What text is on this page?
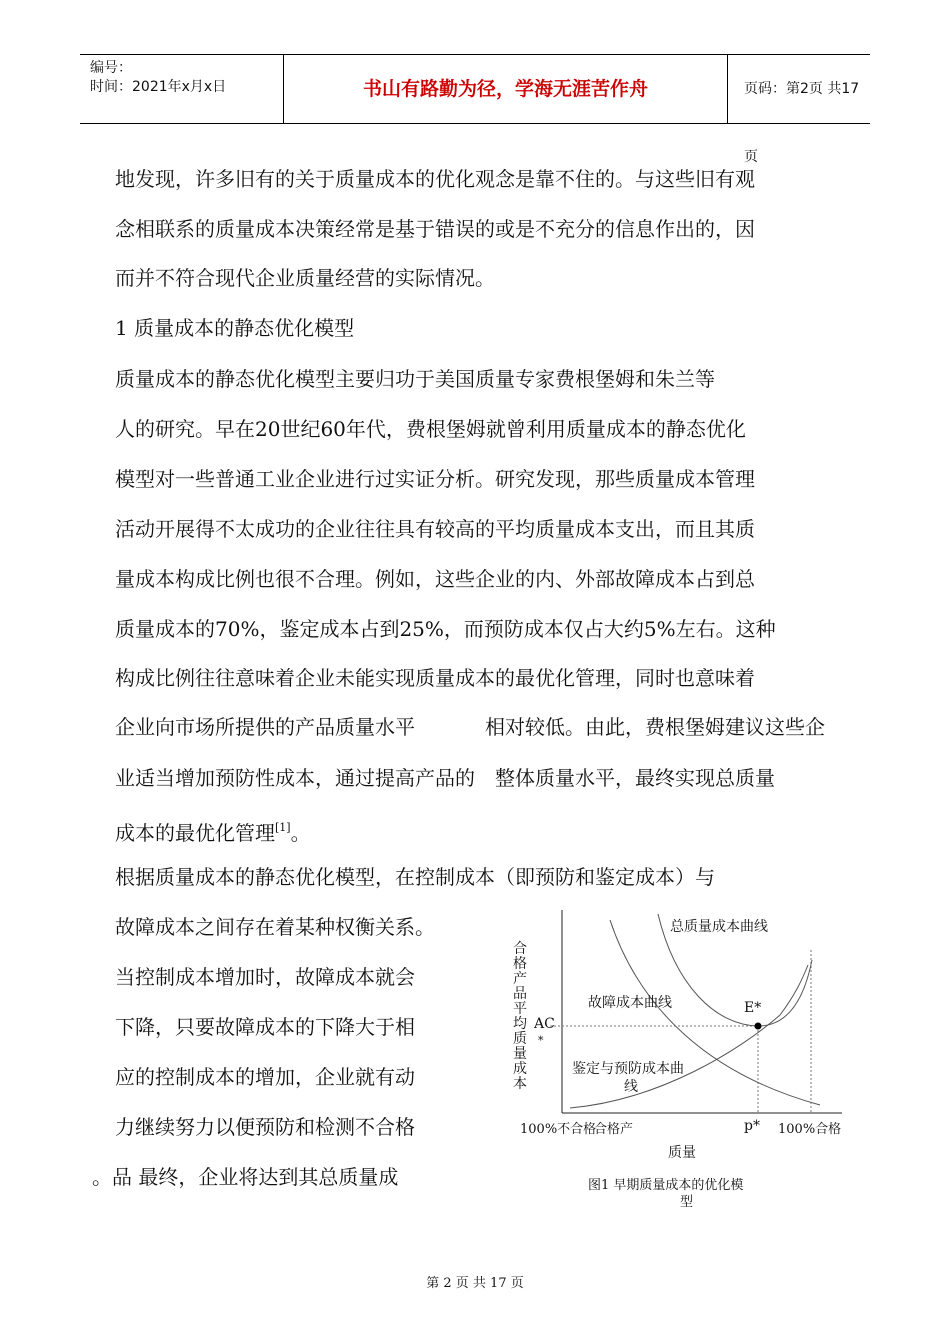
编号：
时间：2021年x月x日	书山有路勤为径，学海无涯苦作舟	页码：第2页 共17页
地发现，许多旧有的关于质量成本的优化观念是靠不住的。与这些旧有观
念相联系的质量成本决策经常是基于错误的或是不充分的信息作出的，因
而并不符合现代企业质量经营的实际情况。
1 质量成本的静态优化模型
质量成本的静态优化模型主要归功于美国质量专家费根堡姆和朱兰等
人的研究。早在20世纪60年代，费根堡姆就曾利用质量成本的静态优化
模型对一些普通工业企业进行过实证分析。研究发现，那些质量成本管理
活动开展得不太成功的企业往往具有较高的平均质量成本支出，而且其质
量成本构成比例也很不合理。例如，这些企业的内、外部故障成本占到总
质量成本的70%，鉴定成本占到25%，而预防成本仅占大约5%左右。这种
构成比例往往意味着企业未能实现质量成本的最优化管理，同时也意味着
企业向市场所提供的产品质量水平	相对较低。由此，费根堡姆建议这些企
业适当增加预防性成本，通过提高产品的 整体质量水平，最终实现总质量
成本的最优化管理[1]。
根据质量成本的静态优化模型，在控制成本（即预防和鉴定成本）与
故障成本之间存在着某种权衡关系。
当控制成本增加时，故障成本就会
下降，只要故障成本的下降大于相
应的控制成本的增加，企业就有动
力继续努力以便预防和检测不合格
。品 最终，企业将达到其总质量成
合格产品平均质量成本
总质量成本曲线
故障成本曲线	E*
AC
*
鉴定与预防成本曲
线
100%不合格
合格产	p* 100%合格
质量
图1 早期质量成本的优化模
型
第 2 页 共 17 页
